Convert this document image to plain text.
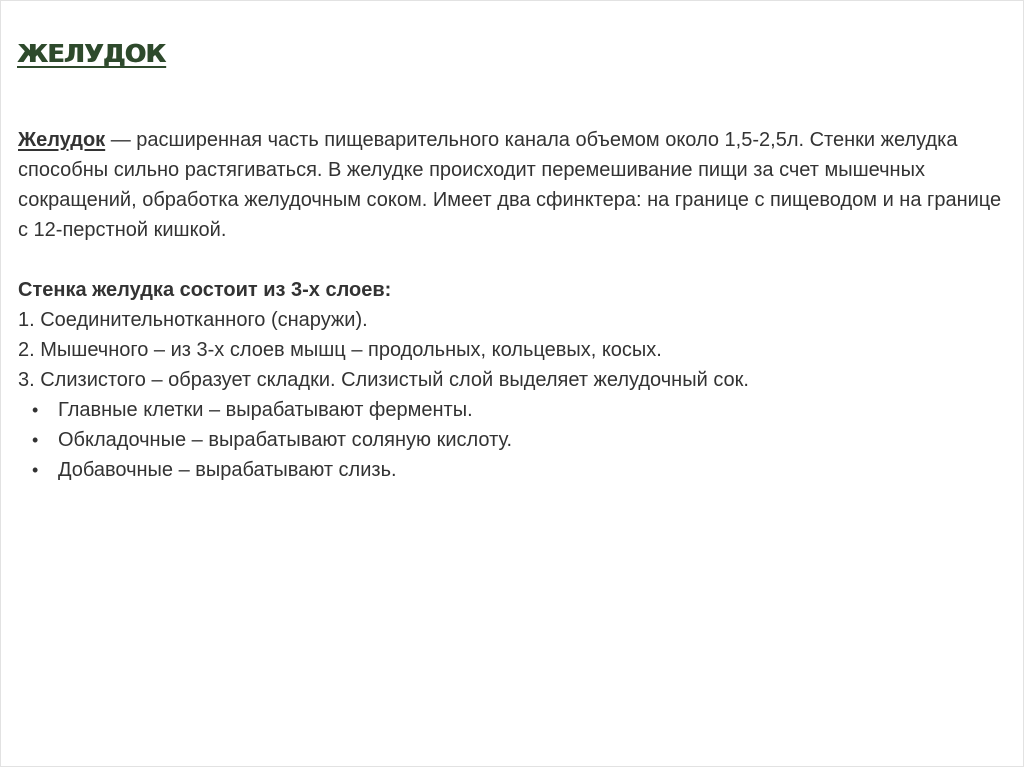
ЖЕЛУДОК

Желудок — расширенная часть пищеварительного канала объемом около 1,5-2,5л. Стенки желудка способны сильно растягиваться. В желудке происходит перемешивание пищи за счет мышечных сокращений, обработка желудочным соком. Имеет два сфинктера: на границе с пищеводом и на границе с 12-перстной кишкой.

Стенка желудка состоит из 3-х слоев:

1. Соединительнотканного (снаружи).
2. Мышечного – из 3-х слоев мышц – продольных, кольцевых, косых.
3. Слизистого – образует складки. Слизистый слой выделяет желудочный сок.
• Главные клетки – вырабатывают ферменты.
• Обкладочные – вырабатывают соляную кислоту.
• Добавочные – вырабатывают слизь.
